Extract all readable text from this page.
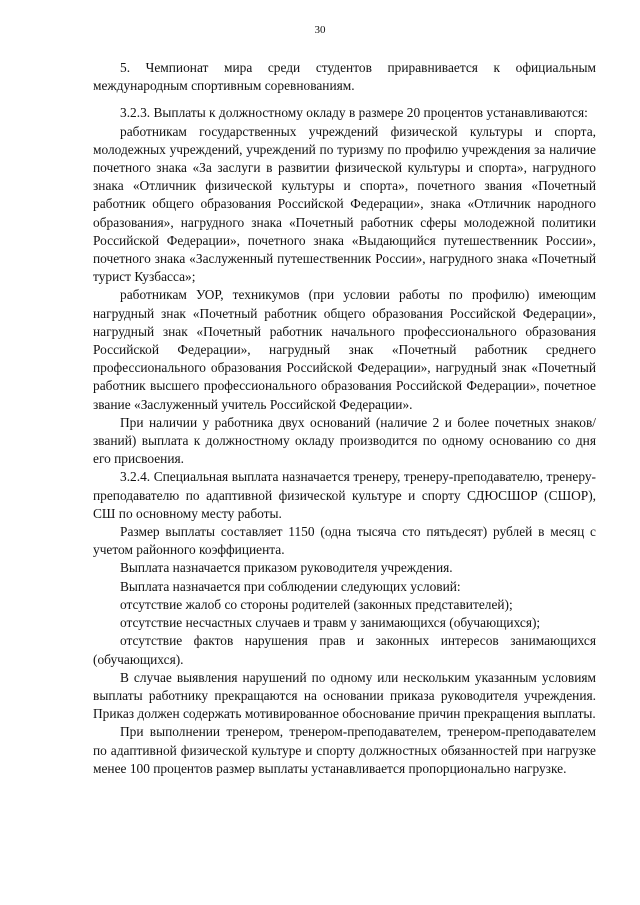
30

5. Чемпионат мира среди студентов приравнивается к официальным международным спортивным соревнованиям.

3.2.3. Выплаты к должностному окладу в размере 20 процентов устанавливаются:

работникам государственных учреждений физической культуры и спорта, молодежных учреждений, учреждений по туризму по профилю учреждения за наличие почетного знака «За заслуги в развитии физической культуры и спорта», нагрудного знака «Отличник физической культуры и спорта», почетного звания «Почетный работник общего образования Российской Федерации», знака «Отличник народного образования», нагрудного знака «Почетный работник сферы молодежной политики Российской Федерации», почетного знака «Выдающийся путешественник России», почетного знака «Заслуженный путешественник России», нагрудного знака «Почетный турист Кузбасса»;

работникам УОР, техникумов (при условии работы по профилю) имеющим нагрудный знак «Почетный работник общего образования Российской Федерации», нагрудный знак «Почетный работник начального профессионального образования Российской Федерации», нагрудный знак «Почетный работник среднего профессионального образования Российской Федерации», нагрудный знак «Почетный работник высшего профессионального образования Российской Федерации», почетное звание «Заслуженный учитель Российской Федерации».

При наличии у работника двух оснований (наличие 2 и более почетных знаков/званий) выплата к должностному окладу производится по одному основанию со дня его присвоения.

3.2.4. Специальная выплата назначается тренеру, тренеру-преподавателю, тренеру-преподавателю по адаптивной физической культуре и спорту СДЮСШОР (СШОР), СШ по основному месту работы.

Размер выплаты составляет 1150 (одна тысяча сто пятьдесят) рублей в месяц с учетом районного коэффициента.

Выплата назначается приказом руководителя учреждения.

Выплата назначается при соблюдении следующих условий:

отсутствие жалоб со стороны родителей (законных представителей);

отсутствие несчастных случаев и травм у занимающихся (обучающихся);

отсутствие фактов нарушения прав и законных интересов занимающихся (обучающихся).

В случае выявления нарушений по одному или нескольким указанным условиям выплаты работнику прекращаются на основании приказа руководителя учреждения. Приказ должен содержать мотивированное обоснование причин прекращения выплаты.

При выполнении тренером, тренером-преподавателем, тренером-преподавателем по адаптивной физической культуре и спорту должностных обязанностей при нагрузке менее 100 процентов размер выплаты устанавливается пропорционально нагрузке.
